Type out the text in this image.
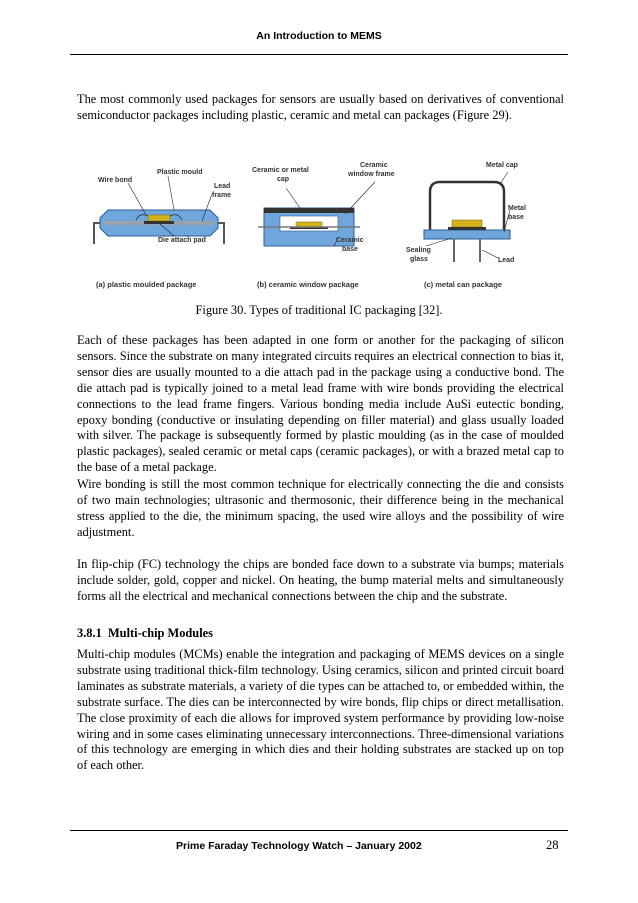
An Introduction to MEMS

The most commonly used packages for sensors are usually based on derivatives of conventional semiconductor packages including plastic, ceramic and metal can packages (Figure 29).

Wire bond
Plastic mould
Lead
frame
Die attach pad
(a) plastic moulded package
Ceramic or metal
cap
Ceramic
window frame
Ceramic
base
(b) ceramic window package
Metal cap
Metal
base
Sealing
glass	Lead
(c) metal can package
Figure 30. Types of traditional IC packaging [32].

Each of these packages has been adapted in one form or another for the packaging of silicon sensors. Since the substrate on many integrated circuits requires an electrical connection to bias it, sensor dies are usually mounted to a die attach pad in the package using a conductive bond. The die attach pad is typically joined to a metal lead frame with wire bonds providing the electrical connections to the lead frame fingers. Various bonding media include AuSi eutectic bonding, epoxy bonding (conductive or insulating depending on filler material) and glass usually loaded with silver. The package is subsequently formed by plastic moulding (as in the case of moulded plastic packages), sealed ceramic or metal caps (ceramic packages), or with a brazed metal cap to the base of a metal package.

Wire bonding is still the most common technique for electrically connecting the die and consists of two main technologies; ultrasonic and thermosonic, their difference being in the mechanical stress applied to the die, the minimum spacing, the used wire alloys and the possibility of wire adjustment.

In flip-chip (FC) technology the chips are bonded face down to a substrate via bumps; materials include solder, gold, copper and nickel. On heating, the bump material melts and simultaneously forms all the electrical and mechanical connections between the chip and the substrate.

3.8.1 Multi-chip Modules

Multi-chip modules (MCMs) enable the integration and packaging of MEMS devices on a single substrate using traditional thick-film technology. Using ceramics, silicon and printed circuit board laminates as substrate materials, a variety of die types can be attached to, or embedded within, the substrate surface. The dies can be interconnected by wire bonds, flip chips or direct metallisation. The close proximity of each die allows for improved system performance by providing low-noise wiring and in some cases eliminating unnecessary interconnections. Three-dimensional variations of this technology are emerging in which dies and their holding substrates are stacked up on top of each other.

Prime Faraday Technology Watch – January 2002	28
